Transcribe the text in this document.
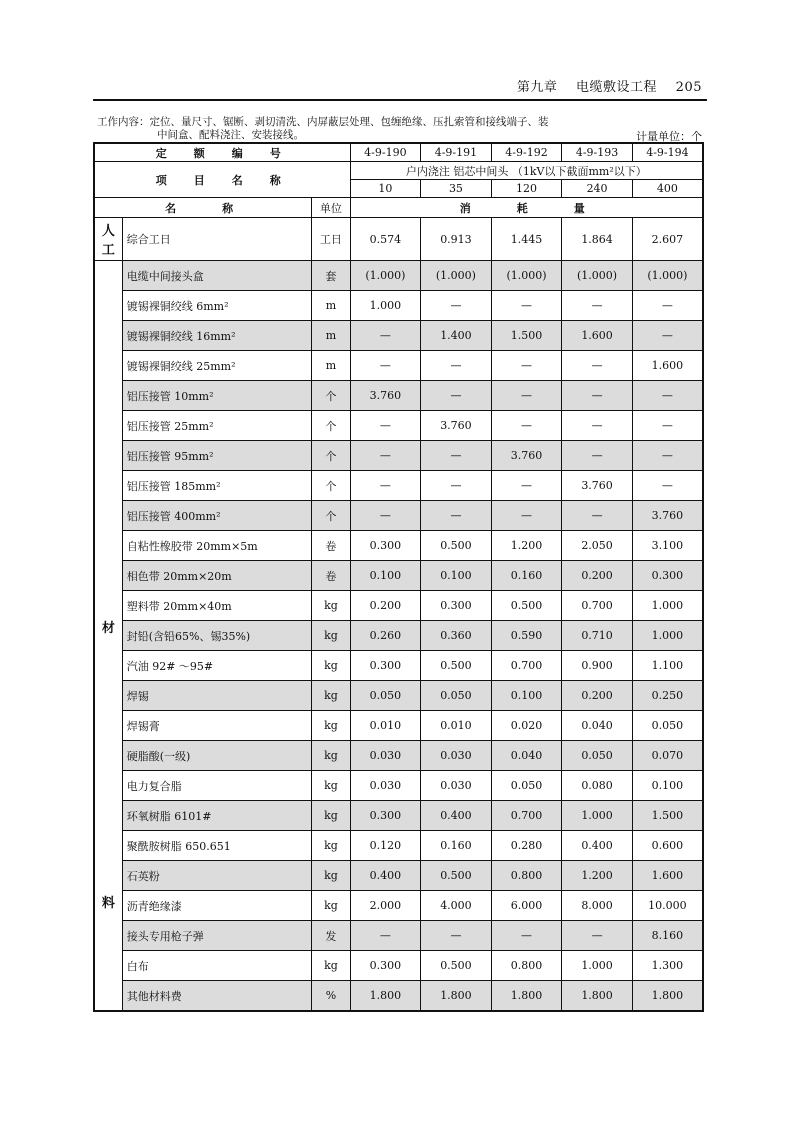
第九章 电缆敷设工程 205
工作内容：定位、量尺寸、锯断、剥切清洗、内屏蔽层处理、包缠绝缘、压扎索管和接线端子、装
中间盒、配料浇注、安装接线。	计量单位：个
定　额　编　号			4-9-190	4-9-191	4-9-192	4-9-193	4-9-194
项　目　名　称			户内浇注 铝芯中间头 （1kV以下截面mm²以下）				
			10	35	120	240	400
名　　称		单位	消　　耗　　量				

人
工	综合工日	工日	0.574	0.913	1.445	1.864	2.607

材
料	电缆中间接头盒	套	(1.000)	(1.000)	(1.000)	(1.000)	(1.000)
	镀锡裸铜绞线 6mm²	m	1.000	—	—	—	—
	镀锡裸铜绞线 16mm²	m	—	1.400	1.500	1.600	—
	镀锡裸铜绞线 25mm²	m	—	—	—	—	1.600
	铝压接管 10mm²	个	3.760	—	—	—	—
	铝压接管 25mm²	个	—	3.760	—	—	—
	铝压接管 95mm²	个	—	—	3.760	—	—
	铝压接管 185mm²	个	—	—	—	3.760	—
	铝压接管 400mm²	个	—	—	—	—	3.760
	自粘性橡胶带 20mm×5m	卷	0.300	0.500	1.200	2.050	3.100
	相色带 20mm×20m	卷	0.100	0.100	0.160	0.200	0.300
	塑料带 20mm×40m	kg	0.200	0.300	0.500	0.700	1.000
	封铅(含铅65%、锡35%)	kg	0.260	0.360	0.590	0.710	1.000
	汽油 92# ～95#	kg	0.300	0.500	0.700	0.900	1.100
	焊锡	kg	0.050	0.050	0.100	0.200	0.250
	焊锡膏	kg	0.010	0.010	0.020	0.040	0.050
	硬脂酸(一级)	kg	0.030	0.030	0.040	0.050	0.070
	电力复合脂	kg	0.030	0.030	0.050	0.080	0.100
	环氧树脂 6101#	kg	0.300	0.400	0.700	1.000	1.500
	聚酰胺树脂 650.651	kg	0.120	0.160	0.280	0.400	0.600
	石英粉	kg	0.400	0.500	0.800	1.200	1.600
	沥青绝缘漆	kg	2.000	4.000	6.000	8.000	10.000
	接头专用枪子弹	发	—	—	—	—	8.160
	白布	kg	0.300	0.500	0.800	1.000	1.300
	其他材料费	%	1.800	1.800	1.800	1.800	1.800
